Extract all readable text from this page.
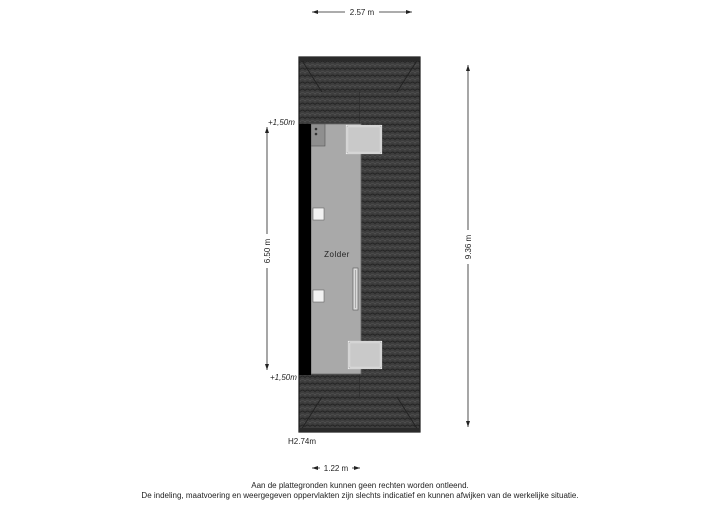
Zolder
2.57 m
9.36 m
6.50 m
1.22 m
+1,50m
+1,50m
H2.74m
Aan de plattegronden kunnen geen rechten worden ontleend.
De indeling, maatvoering en weergegeven oppervlakten zijn slechts indicatief en kunnen afwijken van de werkelijke situatie.
